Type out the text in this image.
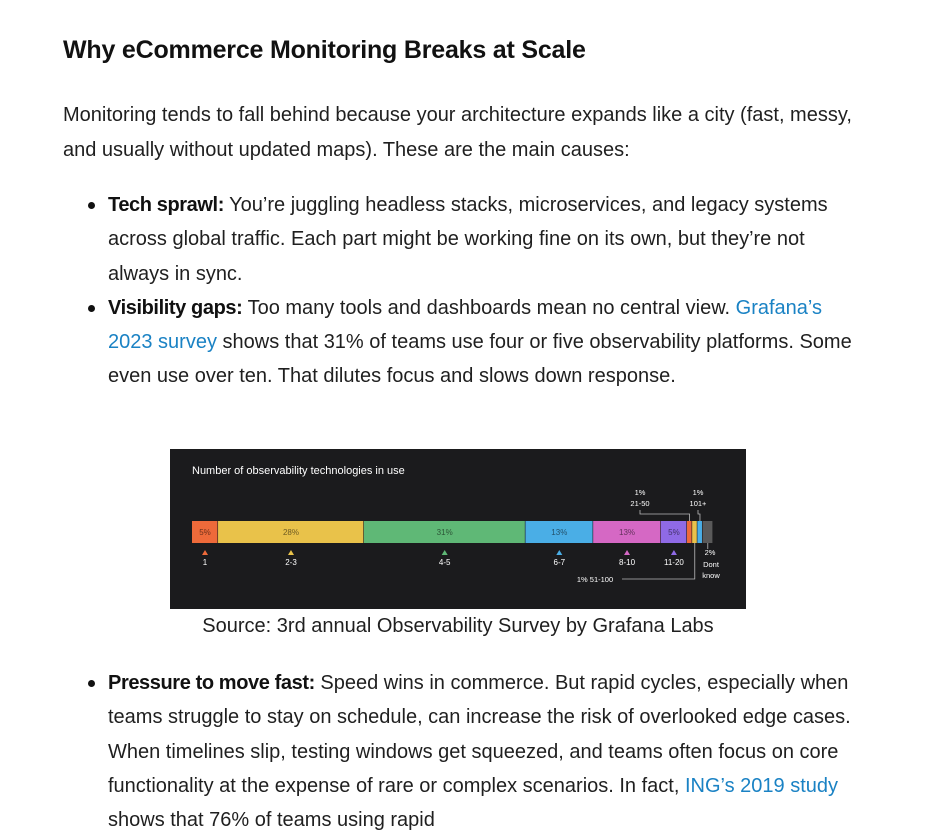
Why eCommerce Monitoring Breaks at Scale

Monitoring tends to fall behind because your architecture expands like a city (fast, messy, and usually without updated maps). These are the main causes:

Tech sprawl: You’re juggling headless stacks, microservices, and legacy systems across global traffic. Each part might be working fine on its own, but they’re not always in sync.
Visibility gaps: Too many tools and dashboards mean no central view. Grafana’s 2023 survey shows that 31% of teams use four or five observability platforms. Some even use over ten. That dilutes focus and slows down response.
Pressure to move fast: Speed wins in commerce. But rapid cycles, especially when teams struggle to stay on schedule, can increase the risk of overlooked edge cases. When timelines slip, testing windows get squeezed, and teams often focus on core functionality at the expense of rare or complex scenarios. In fact, ING’s 2019 study shows that 76% of teams using rapid
Number of observability technologies in use
5%
1
28%
2-3
31%
4-5
13%
6-7
13%
8-10
5%
11-20
1%
21-50
1%
101+
1% 51-100
2%
Dont
know
Source: 3rd annual Observability Survey by Grafana Labs
